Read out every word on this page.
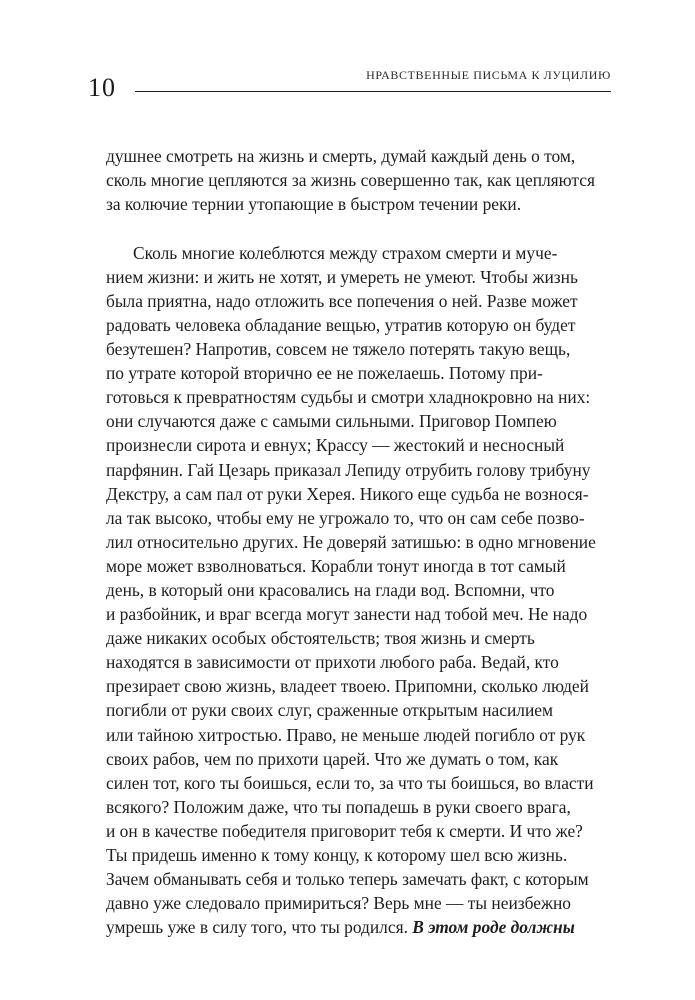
10	НРАВСТВЕННЫЕ ПИСЬМА К ЛУЦИЛИЮ
душнее смотреть на жизнь и смерть, думай каждый день о том,
сколь многие цепляются за жизнь совершенно так, как цепляются
за колючие тернии утопающие в быстром течении реки.
Сколь многие колеблются между страхом смерти и муче-
нием жизни: и жить не хотят, и умереть не умеют. Чтобы жизнь
была приятна, надо отложить все попечения о ней. Разве может
радовать человека обладание вещью, утратив которую он будет
безутешен? Напротив, совсем не тяжело потерять такую вещь,
по утрате которой вторично ее не пожелаешь. Потому при-
готовься к превратностям судьбы и смотри хладнокровно на них:
они случаются даже с самыми сильными. Приговор Помпею
произнесли сирота и евнух; Крассу — жестокий и несносный
парфянин. Гай Цезарь приказал Лепиду отрубить голову трибуну
Декстру, а сам пал от руки Херея. Никого еще судьба не вознося-
ла так высоко, чтобы ему не угрожало то, что он сам себе позво-
лил относительно других. Не доверяй затишью: в одно мгновение
море может взволноваться. Корабли тонут иногда в тот самый
день, в который они красовались на глади вод. Вспомни, что
и разбойник, и враг всегда могут занести над тобой меч. Не надо
даже никаких особых обстоятельств; твоя жизнь и смерть
находятся в зависимости от прихоти любого раба. Ведай, кто
презирает свою жизнь, владеет твоею. Припомни, сколько людей
погибли от руки своих слуг, сраженные открытым насилием
или тайною хитростью. Право, не меньше людей погибло от рук
своих рабов, чем по прихоти царей. Что же думать о том, как
силен тот, кого ты боишься, если то, за что ты боишься, во власти
всякого? Положим даже, что ты попадешь в руки своего врага,
и он в качестве победителя приговорит тебя к смерти. И что же?
Ты придешь именно к тому концу, к которому шел всю жизнь.
Зачем обманывать себя и только теперь замечать факт, с которым
давно уже следовало примириться? Верь мне — ты неизбежно
умрешь уже в силу того, что ты родился. В этом роде должны
